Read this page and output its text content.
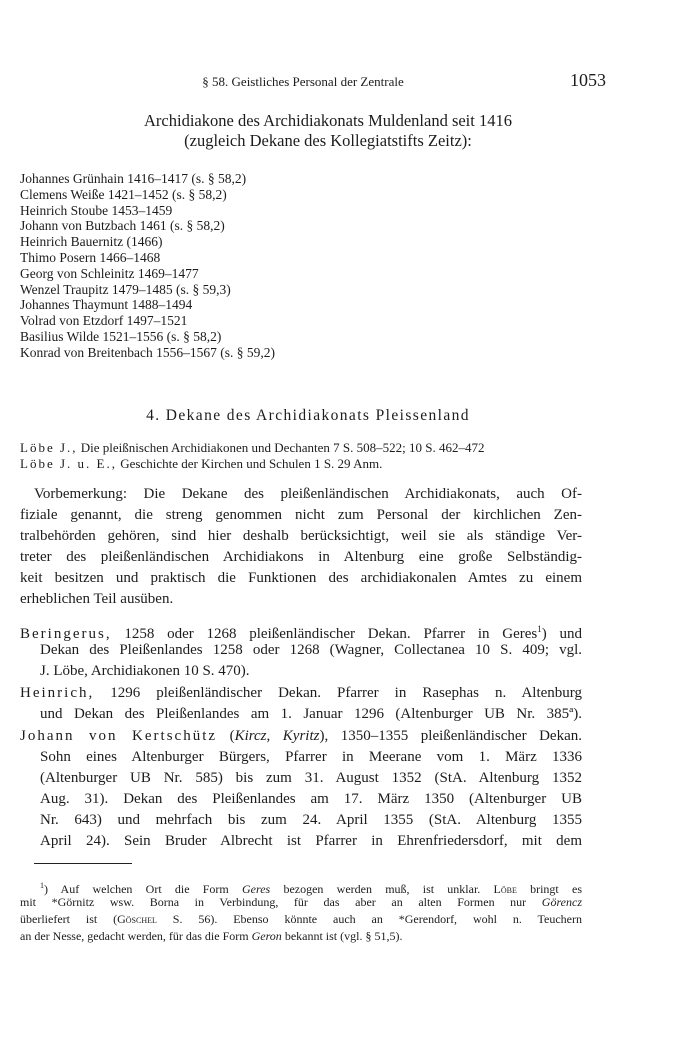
§ 58. Geistliches Personal der Zentrale	1053
Archidiakone des Archidiakonats Muldenland seit 1416
(zugleich Dekane des Kollegiatstifts Zeitz):
Johannes Grünhain 1416–1417 (s. § 58,2)
Clemens Weiße 1421–1452 (s. § 58,2)
Heinrich Stoube 1453–1459
Johann von Butzbach 1461 (s. § 58,2)
Heinrich Bauernitz (1466)
Thimo Posern 1466–1468
Georg von Schleinitz 1469–1477
Wenzel Traupitz 1479–1485 (s. § 59,3)
Johannes Thaymunt 1488–1494
Volrad von Etzdorf 1497–1521
Basilius Wilde 1521–1556 (s. § 58,2)
Konrad von Breitenbach 1556–1567 (s. § 59,2)
4. Dekane des Archidiakonats Pleissenland
Löbe J., Die pleißnischen Archidiakonen und Dechanten 7 S. 508–522; 10 S. 462–472
Löbe J. u. E., Geschichte der Kirchen und Schulen 1 S. 29 Anm.
Vorbemerkung: Die Dekane des pleißenländischen Archidiakonats, auch Of-
fiziale genannt, die streng genommen nicht zum Personal der kirchlichen Zen-
tralbehörden gehören, sind hier deshalb berücksichtigt, weil sie als ständige Ver-
treter des pleißenländischen Archidiakons in Altenburg eine große Selbständig-
keit besitzen und praktisch die Funktionen des archidiakonalen Amtes zu einem
erheblichen Teil ausüben.
Beringerus, 1258 oder 1268 pleißenländischer Dekan. Pfarrer in Geres$^1$) und
Dekan des Pleißenlandes 1258 oder 1268 (Wagner, Collectanea 10 S. 409; vgl.
J. Löbe, Archidiakonen 10 S. 470).
Heinrich, 1296 pleißenländischer Dekan. Pfarrer in Rasephas n. Altenburg
und Dekan des Pleißenlandes am 1. Januar 1296 (Altenburger UB Nr. 385ª).
Johann von Kertschütz (Kircz, Kyritz), 1350–1355 pleißenländischer Dekan.
Sohn eines Altenburger Bürgers, Pfarrer in Meerane vom 1. März 1336
(Altenburger UB Nr. 585) bis zum 31. August 1352 (StA. Altenburg 1352
Aug. 31). Dekan des Pleißenlandes am 17. März 1350 (Altenburger UB
Nr. 643) und mehrfach bis zum 24. April 1355 (StA. Altenburg 1355
April 24). Sein Bruder Albrecht ist Pfarrer in Ehrenfriedersdorf, mit dem
$^1$) Auf welchen Ort die Form Geres bezogen werden muß, ist unklar. Löbe bringt es
mit *Görnitz wsw. Borna in Verbindung, für das aber an alten Formen nur Görencz
überliefert ist (Göschel S. 56). Ebenso könnte auch an *Gerendorf, wohl n. Teuchern
an der Nesse, gedacht werden, für das die Form Geron bekannt ist (vgl. § 51,5).
